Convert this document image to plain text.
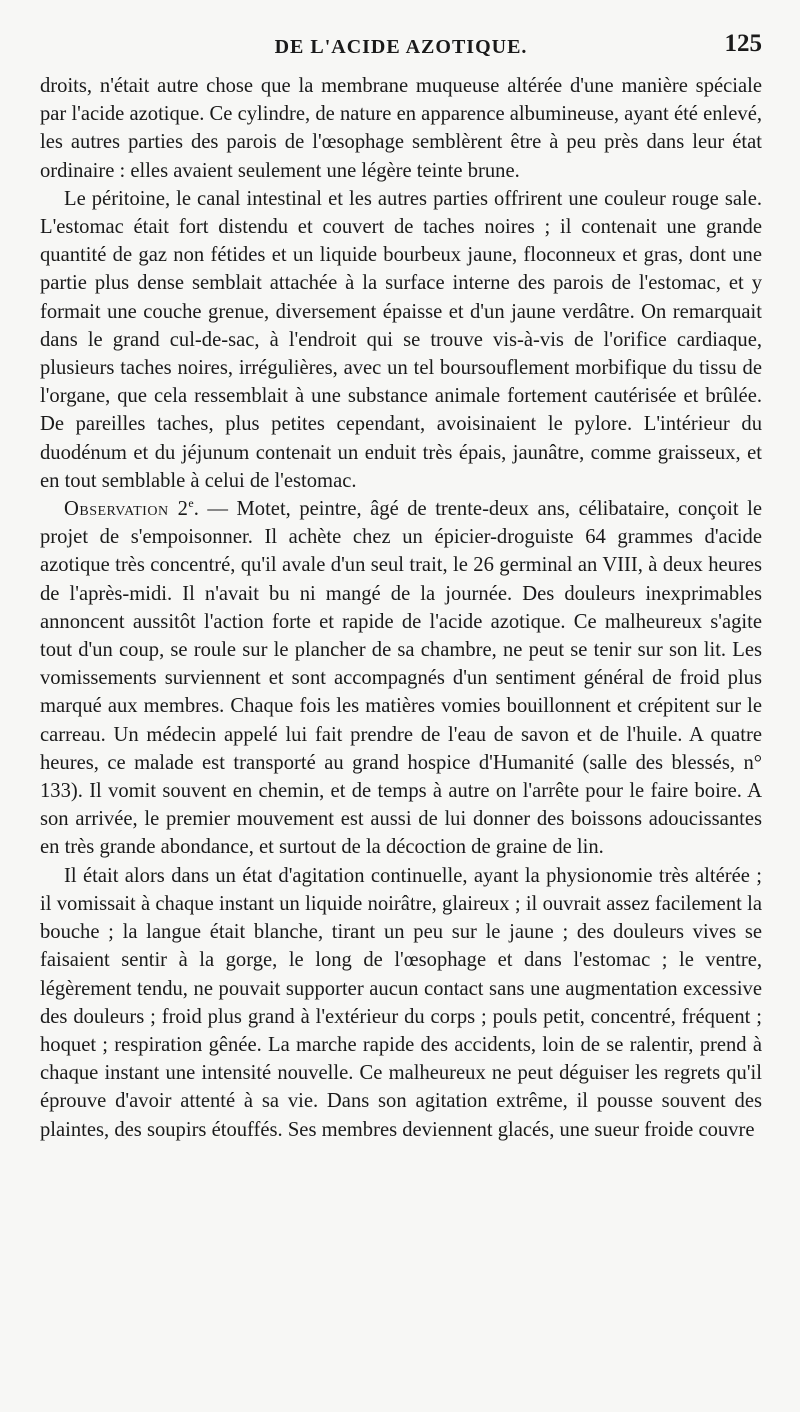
DE L'ACIDE AZOTIQUE.	125

droits, n'était autre chose que la membrane muqueuse altérée d'une manière spéciale par l'acide azotique. Ce cylindre, de nature en apparence albumineuse, ayant été enlevé, les autres parties des parois de l'œsophage semblèrent être à peu près dans leur état ordinaire : elles avaient seulement une légère teinte brune.

Le péritoine, le canal intestinal et les autres parties offrirent une couleur rouge sale. L'estomac était fort distendu et couvert de taches noires ; il contenait une grande quantité de gaz non fétides et un liquide bourbeux jaune, floconneux et gras, dont une partie plus dense semblait attachée à la surface interne des parois de l'estomac, et y formait une couche grenue, diversement épaisse et d'un jaune verdâtre. On remarquait dans le grand cul-de-sac, à l'endroit qui se trouve vis-à-vis de l'orifice cardiaque, plusieurs taches noires, irrégulières, avec un tel boursouflement morbifique du tissu de l'organe, que cela ressemblait à une substance animale fortement cautérisée et brûlée. De pareilles taches, plus petites cependant, avoisinaient le pylore. L'intérieur du duodénum et du jéjunum contenait un enduit très épais, jaunâtre, comme graisseux, et en tout semblable à celui de l'estomac.

Observation 2e. — Motet, peintre, âgé de trente-deux ans, célibataire, conçoit le projet de s'empoisonner. Il achète chez un épicier-droguiste 64 grammes d'acide azotique très concentré, qu'il avale d'un seul trait, le 26 germinal an VIII, à deux heures de l'après-midi. Il n'avait bu ni mangé de la journée. Des douleurs inexprimables annoncent aussitôt l'action forte et rapide de l'acide azotique. Ce malheureux s'agite tout d'un coup, se roule sur le plancher de sa chambre, ne peut se tenir sur son lit. Les vomissements surviennent et sont accompagnés d'un sentiment général de froid plus marqué aux membres. Chaque fois les matières vomies bouillonnent et crépitent sur le carreau. Un médecin appelé lui fait prendre de l'eau de savon et de l'huile. A quatre heures, ce malade est transporté au grand hospice d'Humanité (salle des blessés, n° 133). Il vomit souvent en chemin, et de temps à autre on l'arrête pour le faire boire. A son arrivée, le premier mouvement est aussi de lui donner des boissons adoucissantes en très grande abondance, et surtout de la décoction de graine de lin.

Il était alors dans un état d'agitation continuelle, ayant la physionomie très altérée ; il vomissait à chaque instant un liquide noirâtre, glaireux ; il ouvrait assez facilement la bouche ; la langue était blanche, tirant un peu sur le jaune ; des douleurs vives se faisaient sentir à la gorge, le long de l'œsophage et dans l'estomac ; le ventre, légèrement tendu, ne pouvait supporter aucun contact sans une augmentation excessive des douleurs ; froid plus grand à l'extérieur du corps ; pouls petit, concentré, fréquent ; hoquet ; respiration gênée. La marche rapide des accidents, loin de se ralentir, prend à chaque instant une intensité nouvelle. Ce malheureux ne peut déguiser les regrets qu'il éprouve d'avoir attenté à sa vie. Dans son agitation extrême, il pousse souvent des plaintes, des soupirs étouffés. Ses membres deviennent glacés, une sueur froide couvre
